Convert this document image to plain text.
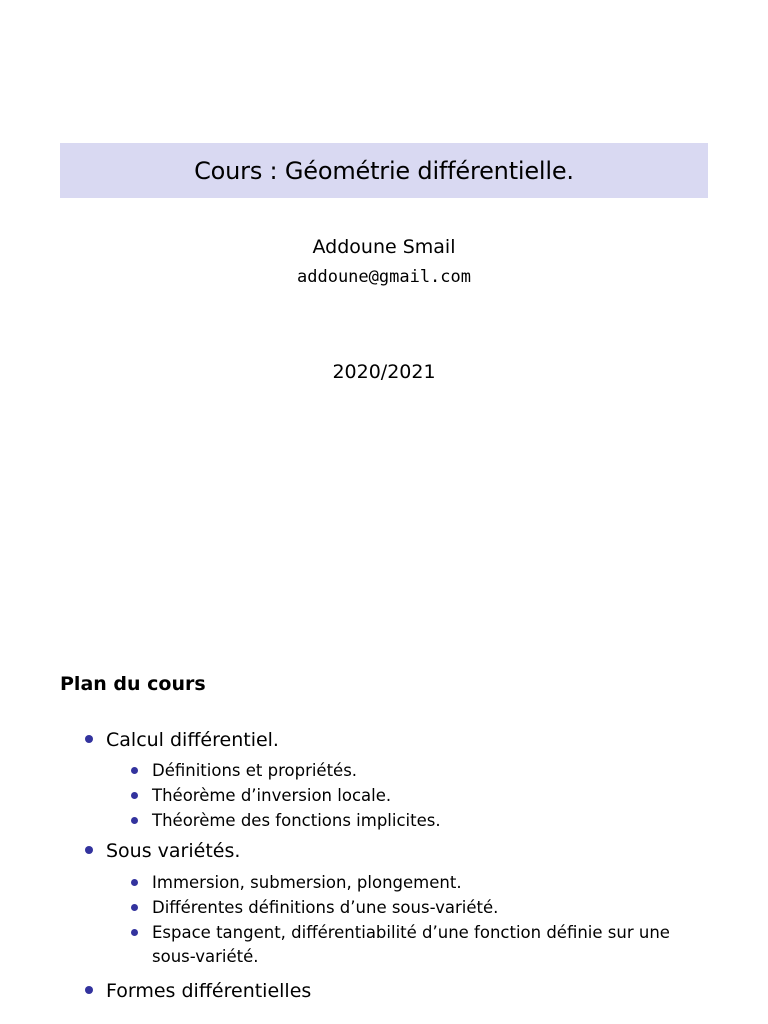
Cours : Géométrie différentielle.
Addoune Smail
addoune@gmail.com
2020/2021
Plan du cours
Calcul différentiel.
Définitions et propriétés.
Théorème d’inversion locale.
Théorème des fonctions implicites.
Sous variétés.
Immersion, submersion, plongement.
Différentes définitions d’une sous-variété.
Espace tangent, différentiabilité d’une fonction définie sur une sous-variété.
Formes différentielles
